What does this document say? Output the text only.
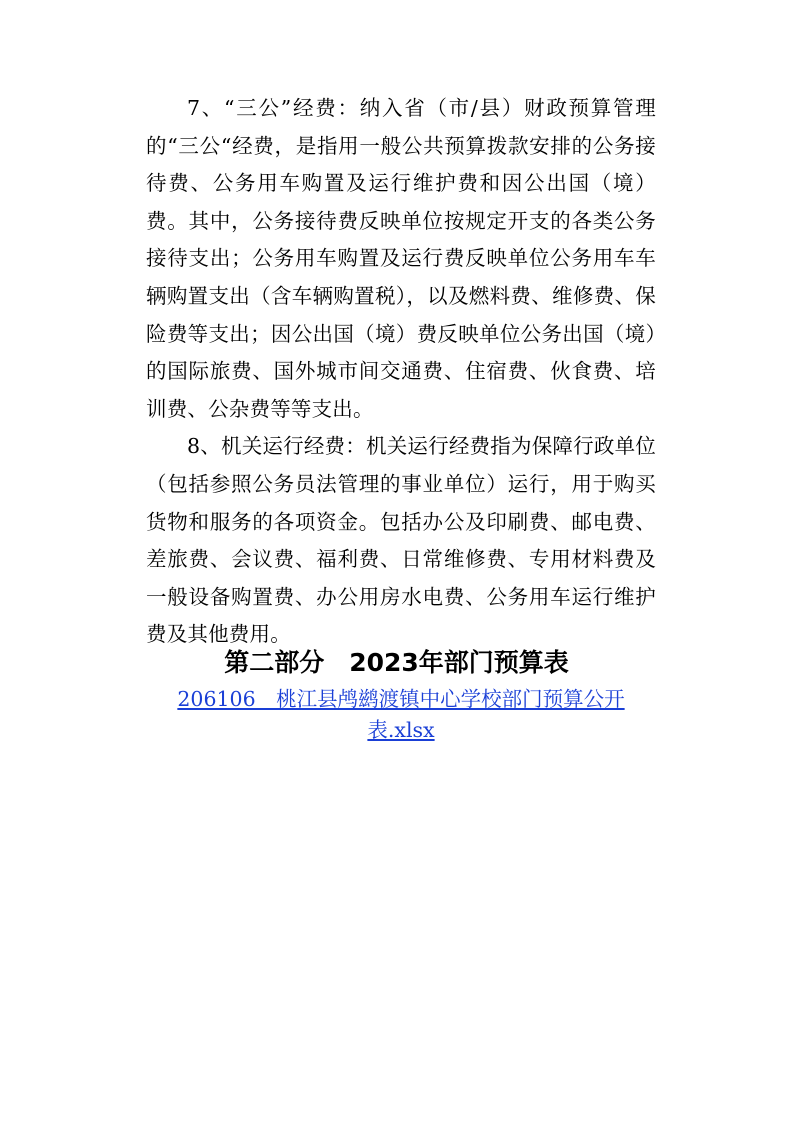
7、“三公”经费：纳入省（市/县）财政预算管理的“三公“经费，是指用一般公共预算拨款安排的公务接待费、公务用车购置及运行维护费和因公出国（境）费。其中，公务接待费反映单位按规定开支的各类公务接待支出；公务用车购置及运行费反映单位公务用车车辆购置支出（含车辆购置税），以及燃料费、维修费、保险费等支出；因公出国（境）费反映单位公务出国（境）的国际旅费、国外城市间交通费、住宿费、伙食费、培训费、公杂费等等支出。

8、机关运行经费：机关运行经费指为保障行政单位（包括参照公务员法管理的事业单位）运行，用于购买货物和服务的各项资金。包括办公及印刷费、邮电费、差旅费、会议费、福利费、日常维修费、专用材料费及一般设备购置费、办公用房水电费、公务用车运行维护费及其他费用。

第二部分　2023年部门预算表
206106　桃江县鸬鹚渡镇中心学校部门预算公开表.xlsx
